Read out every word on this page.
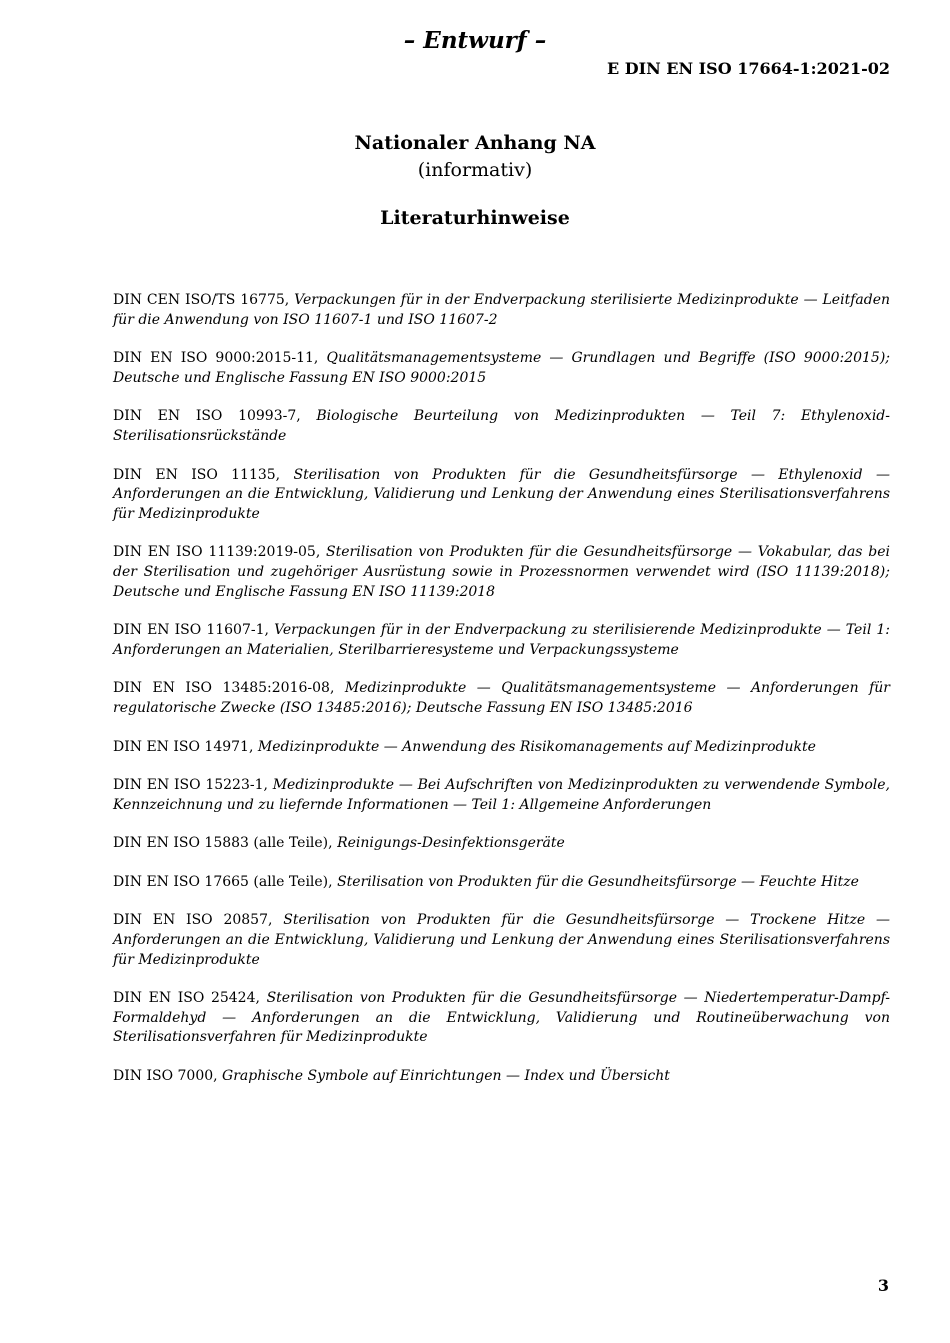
– Entwurf –
E DIN EN ISO 17664-1:2021-02
Nationaler Anhang NA
(informativ)
Literaturhinweise

DIN CEN ISO/TS 16775, Verpackungen für in der Endverpackung sterilisierte Medizinprodukte — Leitfaden für die Anwendung von ISO 11607-1 und ISO 11607-2

DIN EN ISO 9000:2015-11, Qualitätsmanagementsysteme — Grundlagen und Begriffe (ISO 9000:2015); Deutsche und Englische Fassung EN ISO 9000:2015

DIN EN ISO 10993-7, Biologische Beurteilung von Medizinprodukten — Teil 7: Ethylenoxid-Sterilisationsrückstände

DIN EN ISO 11135, Sterilisation von Produkten für die Gesundheitsfürsorge — Ethylenoxid — Anforderungen an die Entwicklung, Validierung und Lenkung der Anwendung eines Sterilisationsverfahrens für Medizinprodukte

DIN EN ISO 11139:2019-05, Sterilisation von Produkten für die Gesundheitsfürsorge — Vokabular, das bei der Sterilisation und zugehöriger Ausrüstung sowie in Prozessnormen verwendet wird (ISO 11139:2018); Deutsche und Englische Fassung EN ISO 11139:2018

DIN EN ISO 11607-1, Verpackungen für in der Endverpackung zu sterilisierende Medizinprodukte — Teil 1: Anforderungen an Materialien, Sterilbarrieresysteme und Verpackungssysteme

DIN EN ISO 13485:2016-08, Medizinprodukte — Qualitätsmanagementsysteme — Anforderungen für regulatorische Zwecke (ISO 13485:2016); Deutsche Fassung EN ISO 13485:2016

DIN EN ISO 14971, Medizinprodukte — Anwendung des Risikomanagements auf Medizinprodukte

DIN EN ISO 15223-1, Medizinprodukte — Bei Aufschriften von Medizinprodukten zu verwendende Symbole, Kennzeichnung und zu liefernde Informationen — Teil 1: Allgemeine Anforderungen

DIN EN ISO 15883 (alle Teile), Reinigungs-Desinfektionsgeräte

DIN EN ISO 17665 (alle Teile), Sterilisation von Produkten für die Gesundheitsfürsorge — Feuchte Hitze

DIN EN ISO 20857, Sterilisation von Produkten für die Gesundheitsfürsorge — Trockene Hitze — Anforderungen an die Entwicklung, Validierung und Lenkung der Anwendung eines Sterilisationsverfahrens für Medizinprodukte

DIN EN ISO 25424, Sterilisation von Produkten für die Gesundheitsfürsorge — Niedertemperatur-Dampf-Formaldehyd — Anforderungen an die Entwicklung, Validierung und Routineüberwachung von Sterilisationsverfahren für Medizinprodukte

DIN ISO 7000, Graphische Symbole auf Einrichtungen — Index und Übersicht

3
